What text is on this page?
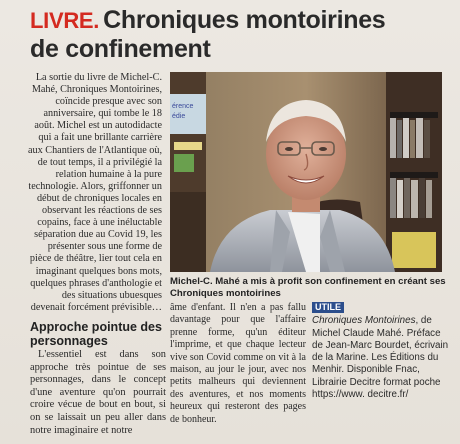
LIVRE. Chroniques montoirines
de confinement

La sortie du livre de Michel-C. Mahé, Chroniques Montoirines, coïncide presque avec son anniversaire, qui tombe le 18 août. Michel est un autodidacte qui a fait une brillante carrière aux Chantiers de l'Atlantique où, de tout temps, il a privilégié la relation humaine à la pure technologie. Alors, griffonner un début de chroniques locales en observant les réactions de ses copains, face à une inéluctable séparation due au Covid 19, les présenter sous une forme de pièce de théâtre, lier tout cela en imaginant quelques bons mots, quelques phrases d'anthologie et des situations ubuesques devenait forcément prévisible…

érence
édie
Michel-C. Mahé a mis à profit son confinement en créant ses Chroniques montoirines
Approche pointue des personnages

L'essentiel est dans son approche très pointue de ses personnages, dans le concept d'une aventure qu'on pourrait croire vécue de bout en bout, si on se laissait un peu aller dans notre imaginaire et notre

âme d'enfant. Il n'en a pas fallu davantage pour que l'affaire prenne forme, qu'un éditeur l'imprime, et que chaque lecteur vive son Covid comme on vit à la maison, au jour le jour, avec nos petits malheurs qui deviennent des aventures, et nos moments heureux qui resteront des pages de bonheur.

UTILE
Chroniques Montoirines, de Michel Claude Mahé. Préface de Jean-Marc Bourdet, écrivain de la Marine. Les Éditions du Menhir. Disponible Fnac, Librairie Decitre format poche https://www. decitre.fr/
